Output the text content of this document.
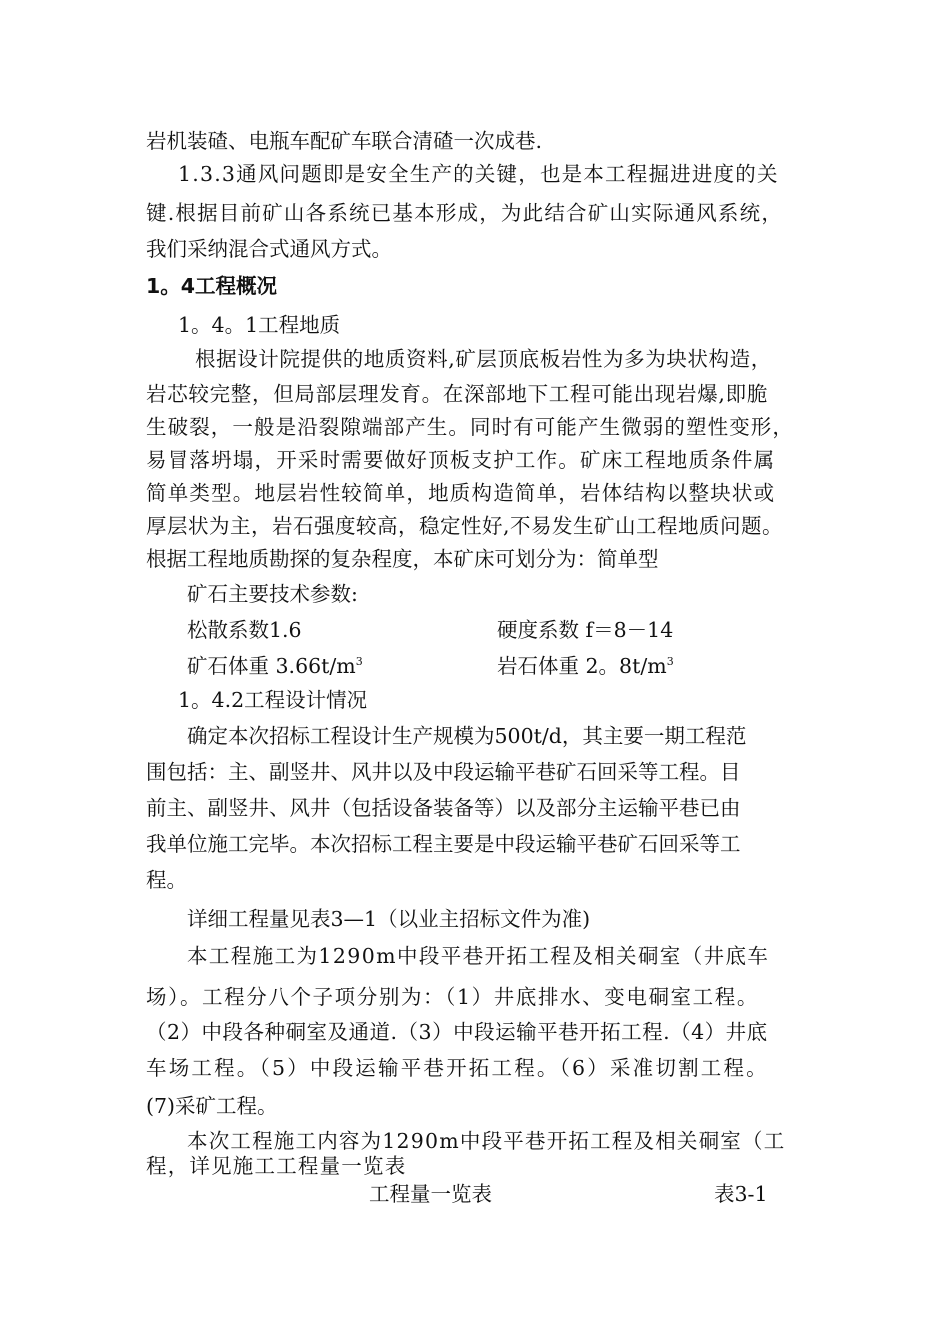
岩机装碴、电瓶车配矿车联合清碴一次成巷.
1.3.3通风问题即是安全生产的关键，也是本工程掘进进度的关
键.根据目前矿山各系统已基本形成，为此结合矿山实际通风系统，
我们采纳混合式通风方式。
1。4工程概况
1。4。1工程地质
根据设计院提供的地质资料,矿层顶底板岩性为多为块状构造，
岩芯较完整，但局部层理发育。在深部地下工程可能出现岩爆,即脆
生破裂，一般是沿裂隙端部产生。同时有可能产生微弱的塑性变形，
易冒落坍塌，开采时需要做好顶板支护工作。矿床工程地质条件属
简单类型。地层岩性较简单，地质构造简单，岩体结构以整块状或
厚层状为主，岩石强度较高，稳定性好,不易发生矿山工程地质问题。
根据工程地质勘探的复杂程度，本矿床可划分为：简单型
矿石主要技术参数:
松散系数1.6	硬度系数 f＝8－14
矿石体重 $3.66t/m^3$	岩石体重 2。$8t/m^3$
1。4.2工程设计情况
确定本次招标工程设计生产规模为500t/d，其主要一期工程范
围包括：主、副竖井、风井以及中段运输平巷矿石回采等工程。目
前主、副竖井、风井（包括设备装备等）以及部分主运输平巷已由
我单位施工完毕。本次招标工程主要是中段运输平巷矿石回采等工
程。
详细工程量见表3—1（以业主招标文件为准)
本工程施工为1290m中段平巷开拓工程及相关硐室（井底车
场）。工程分八个子项分别为：（1）井底排水、变电硐室工程。
（2）中段各种硐室及通道.（3）中段运输平巷开拓工程.（4）井底
车场工程。（5）中段运输平巷开拓工程。（6）采准切割工程。
(7)采矿工程。
本次工程施工内容为1290m中段平巷开拓工程及相关硐室（工
程，详见施工工程量一览表
工程量一览表	表3-1
